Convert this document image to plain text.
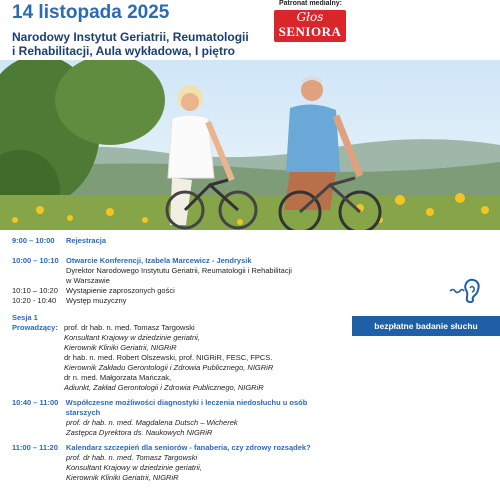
14 listopada 2025
Narodowy Instytut Geriatrii, Reumatologii
i Rehabilitacji, Aula wykładowa, I piętro
Patronat medialny:
Głos
SENIORA
9:00 – 10:00	Rejestracja
10:00 – 10:10 Otwarcie Konferencji, Izabela Marcewicz - Jendrysik
Dyrektor Narodowego Instytutu Geriatrii, Reumatologii i Rehabilitacji
w Warszawie
10:10 – 10:20	Wystąpienie zaproszonych gości
10:20 - 10:40	Występ muzyczny
Sesja 1
Prowadzący: prof. dr hab. n. med. Tomasz Targowski
Konsultant Krajowy w dziedzinie geriatrii,
Kierownik Kliniki Geriatrii, NIGRiR
dr hab. n. med. Robert Olszewski, prof. NIGRiR, FESC, FPCS.
Kierownik Zakładu Gerontologii i Zdrowia Publicznego, NIGRiR
dr n. med. Małgorzata Mańczak,
Adiunkt, Zakład Gerontologii i Zdrowia Publicznego, NIGRiR
10:40 – 11:00 Współczesne możliwości diagnostyki i leczenia niedosłuchu u osób starszych
prof. dr hab. n. med. Magdalena Dutsch – Wicherek
Zastępca Dyrektora ds. Naukowych NIGRiR
11:00 – 11:20	Kalendarz szczepień dla seniorów - fanaberia, czy zdrowy rozsądek?
prof. dr hab. n. med. Tomasz Targowski
Konsultant Krajowy w dziedzinie geriatrii,
Kierownik Kliniki Geriatrii, NIGRiR
bezpłatne badanie słuchu
